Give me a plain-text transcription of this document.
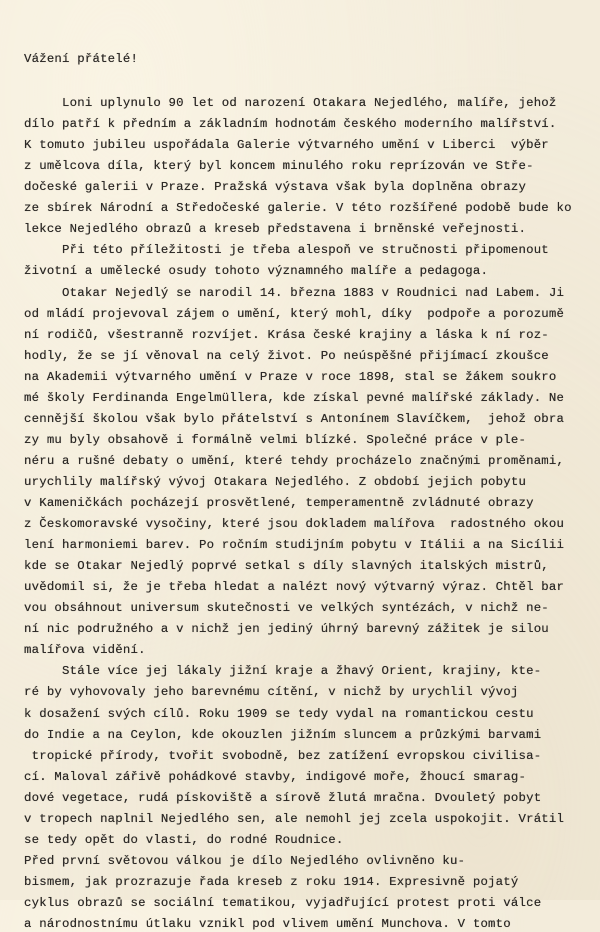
Vážení přátelé!
Loni uplynulo 90 let od narození Otakara Nejedlého, malíře, jehož
dílo patří k předním a základním hodnotám českého moderního malířství.
K tomuto jubileu uspořádala Galerie výtvarného umění v Liberci  výběr
z umělcova díla, který byl koncem minulého roku reprízován ve Stře-
dočeské galerii v Praze. Pražská výstava však byla doplněna obrazy
ze sbírek Národní a Středočeské galerie. V této rozšířené podobě bude ko
lekce Nejedlého obrazů a kreseb představena i brněnské veřejnosti.
Při této příležitosti je třeba alespoň ve stručnosti připomenout
životní a umělecké osudy tohoto významného malíře a pedagoga.
Otakar Nejedlý se narodil 14. března 1883 v Roudnici nad Labem. Ji
od mládí projevoval zájem o umění, který mohl, díky  podpoře a porozumě
ní rodičů, všestranně rozvíjet. Krása české krajiny a láska k ní roz-
hodly, že se jí věnoval na celý život. Po neúspěšné přijímací zkoušce
na Akademii výtvarného umění v Praze v roce 1898, stal se žákem soukro
mé školy Ferdinanda Engelmüllera, kde získal pevné malířské základy. Ne
cennější školou však bylo přátelství s Antonínem Slavíčkem,  jehož obra
zy mu byly obsahově i formálně velmi blízké. Společné práce v ple-
néru a rušné debaty o umění, které tehdy procházelo značnými proměnami,
urychlily malířský vývoj Otakara Nejedlého. Z období jejich pobytu
v Kameničkách pocházejí prosvětlené, temperamentně zvládnuté obrazy
z Českomoravské vysočiny, které jsou dokladem malířova  radostného okou
lení harmoniemi barev. Po ročním studijním pobytu v Itálii a na Sicílii
kde se Otakar Nejedlý poprvé setkal s díly slavných italských mistrů,
uvědomil si, že je třeba hledat a nalézt nový výtvarný výraz. Chtěl bar
vou obsáhnout universum skutečnosti ve velkých syntézách, v nichž ne-
ní nic podružného a v nichž jen jediný úhrný barevný zážitek je silou
malířova vidění.
Stále více jej lákaly jižní kraje a žhavý Orient, krajiny, kte-
ré by vyhovovaly jeho barevnému cítění, v nichž by urychlil vývoj
k dosažení svých cílů. Roku 1909 se tedy vydal na romantickou cestu
do Indie a na Ceylon, kde okouzlen jižním sluncem a průzkými barvami
tropické přírody, tvořit svobodně, bez zatížení evropskou civilisa-
cí. Maloval zářivě pohádkové stavby, indigové moře, žhoucí smarag-
dové vegetace, rudá pískoviště a sírově žlutá mračna. Dvouletý pobyt
v tropech naplnil Nejedlého sen, ale nemohl jej zcela uspokojit. Vrátil
se tedy opět do vlasti, do rodné Roudnice.
Před první světovou válkou je dílo Nejedlého ovlivněno ku-
bismem, jak prozrazuje řada kreseb z roku 1914. Expresivně pojatý
cyklus obrazů se sociální tematikou, vyjadřující protest proti válce
a národnostnímu útlaku vznikl pod vlivem umění Munchova. V tomto
